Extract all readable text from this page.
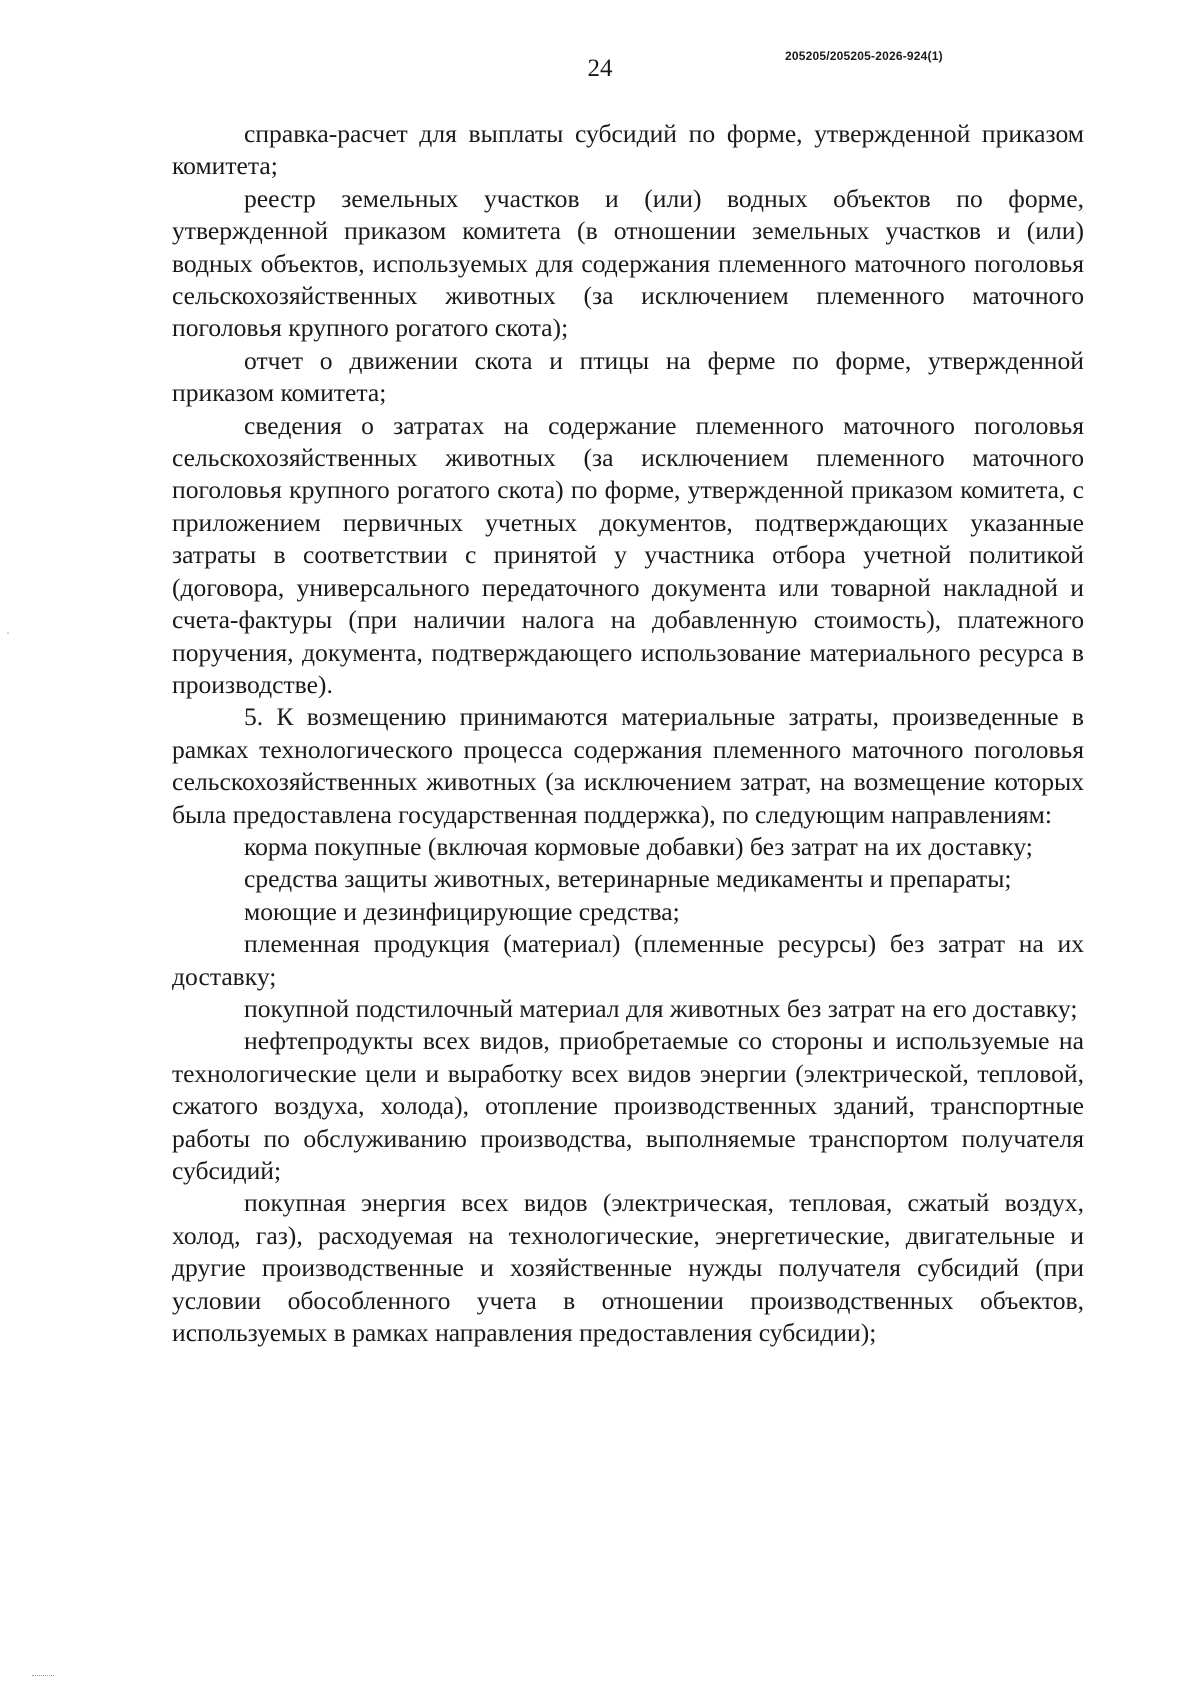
24	205205/205205-2026-924(1)

справка-расчет для выплаты субсидий по форме, утвержденной приказом комитета;

реестр земельных участков и (или) водных объектов по форме, утвержденной приказом комитета (в отношении земельных участков и (или) водных объектов, используемых для содержания племенного маточного поголовья сельскохозяйственных животных (за исключением племенного маточного поголовья крупного рогатого скота);

отчет о движении скота и птицы на ферме по форме, утвержденной приказом комитета;

сведения о затратах на содержание племенного маточного поголовья сельскохозяйственных животных (за исключением племенного маточного поголовья крупного рогатого скота) по форме, утвержденной приказом комитета, с приложением первичных учетных документов, подтверждающих указанные затраты в соответствии с принятой у участника отбора учетной политикой (договора, универсального передаточного документа или товарной накладной и счета-фактуры (при наличии налога на добавленную стоимость), платежного поручения, документа, подтверждающего использование материального ресурса в производстве).

5. К возмещению принимаются материальные затраты, произведенные в рамках технологического процесса содержания племенного маточного поголовья сельскохозяйственных животных (за исключением затрат, на возмещение которых была предоставлена государственная поддержка), по следующим направлениям:

корма покупные (включая кормовые добавки) без затрат на их доставку;

средства защиты животных, ветеринарные медикаменты и препараты;

моющие и дезинфицирующие средства;

племенная продукция (материал) (племенные ресурсы) без затрат на их доставку;

покупной подстилочный материал для животных без затрат на его доставку;

нефтепродукты всех видов, приобретаемые со стороны и используемые на технологические цели и выработку всех видов энергии (электрической, тепловой, сжатого воздуха, холода), отопление производственных зданий, транспортные работы по обслуживанию производства, выполняемые транспортом получателя субсидий;

покупная энергия всех видов (электрическая, тепловая, сжатый воздух, холод, газ), расходуемая на технологические, энергетические, двигательные и другие производственные и хозяйственные нужды получателя субсидий (при условии обособленного учета в отношении производственных объектов, используемых в рамках направления предоставления субсидии);
